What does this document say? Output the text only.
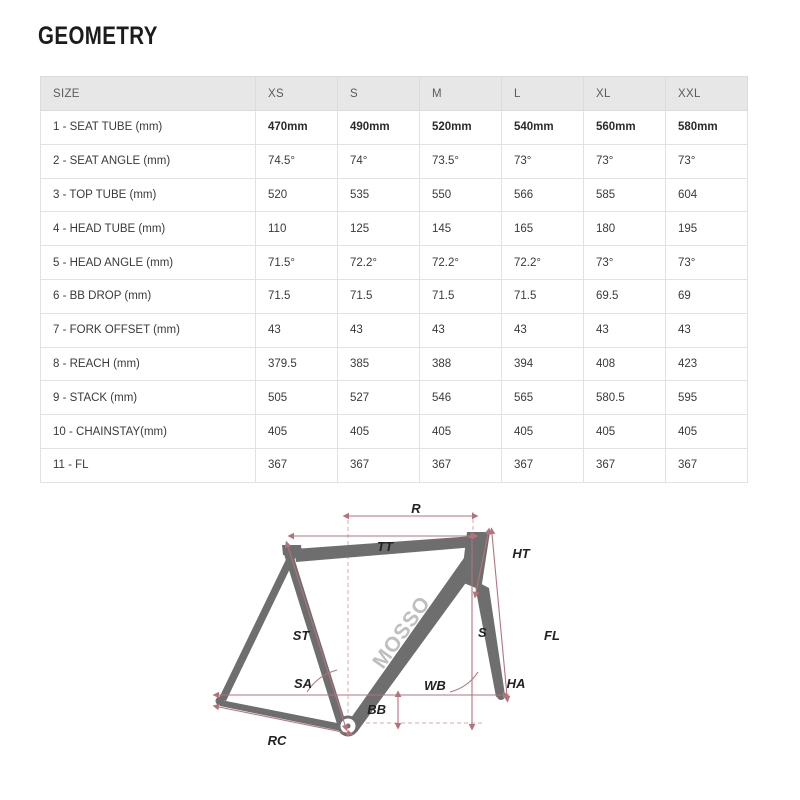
GEOMETRY
SIZE	XS	S	M	L	XL	XXL
1 - SEAT TUBE (mm)	470mm	490mm	520mm	540mm	560mm	580mm
2 - SEAT ANGLE (mm)	74.5°	74°	73.5°	73°	73°	73°
3 - TOP TUBE (mm)	520	535	550	566	585	604
4 - HEAD TUBE (mm)	110	125	145	165	180	195
5 - HEAD ANGLE (mm)	71.5°	72.2°	72.2°	72.2°	73°	73°
6 - BB DROP (mm)	71.5	71.5	71.5	71.5	69.5	69
7 - FORK OFFSET (mm)	43	43	43	43	43	43
8 - REACH (mm)	379.5	385	388	394	408	423
9 - STACK (mm)	505	527	546	565	580.5	595
10 - CHAINSTAY(mm)	405	405	405	405	405	405
11 - FL	367	367	367	367	367	367
MOSSO
R
TT	HT
ST	S	FL
SA	WB	HA
BB
RC
